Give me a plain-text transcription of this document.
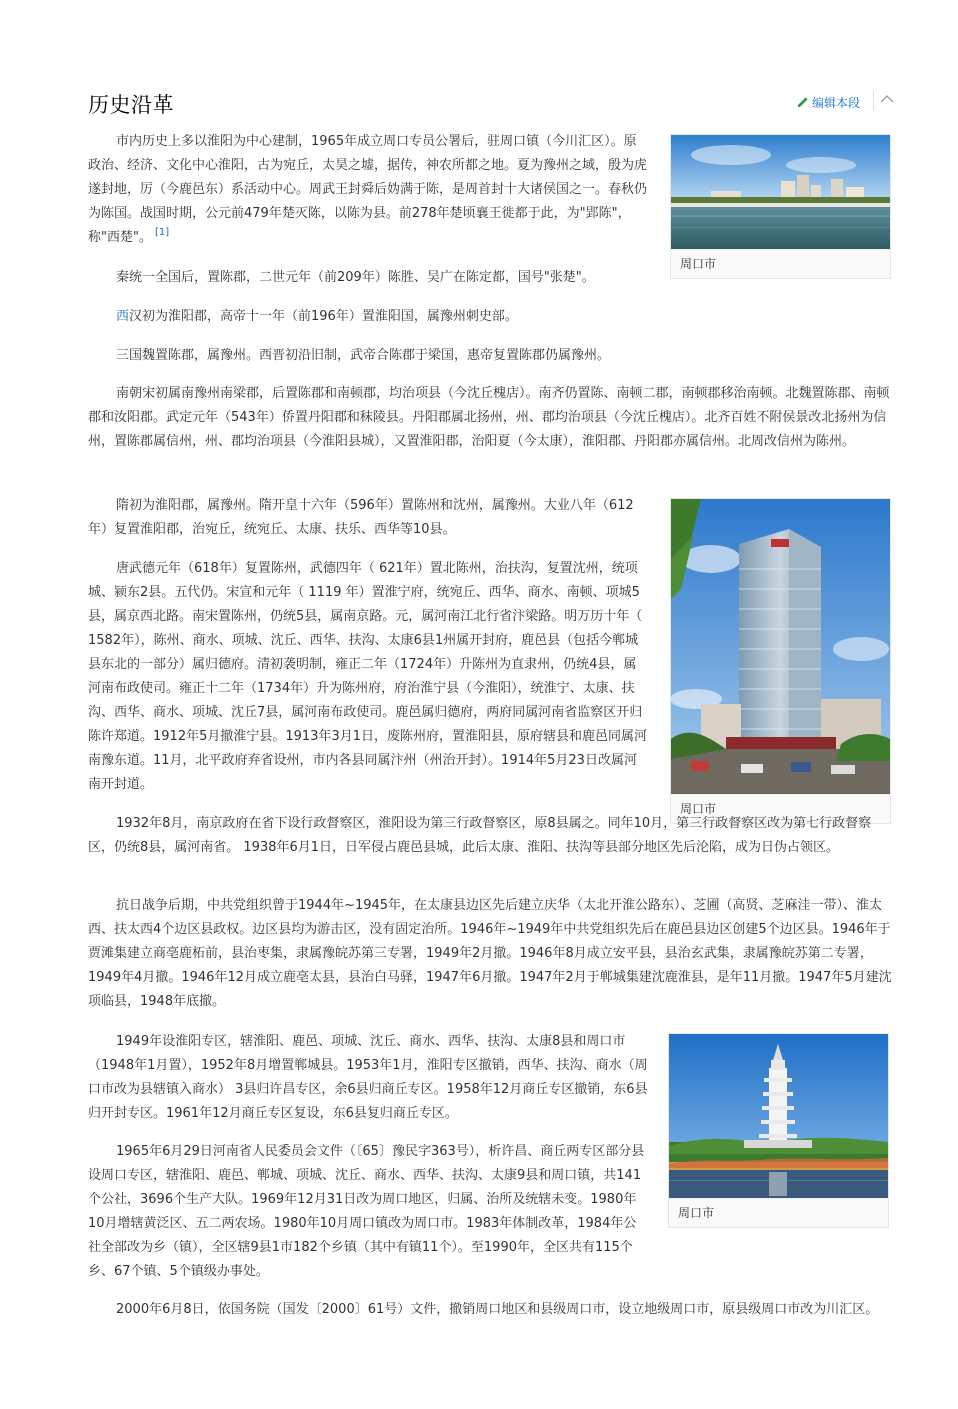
历史沿革	编辑本段
周口市
周口市
周口市

市内历史上多以淮阳为中心建制，1965年成立周口专员公署后，驻周口镇（今川汇区）。原政治、经济、文化中心淮阳，古为宛丘，太昊之墟，据传，神农所都之地。夏为豫州之域，殷为虎遂封地，厉（今鹿邑东）系活动中心。周武王封舜后妫满于陈，是周首封十大诸侯国之一。春秋仍为陈国。战国时期，公元前479年楚灭陈，以陈为县。前278年楚顷襄王徙都于此，为"郢陈"，称"西楚"。 [1]

秦统一全国后，置陈郡，二世元年（前209年）陈胜、吴广在陈定都，国号"张楚"。

西汉初为淮阳郡，高帝十一年（前196年）置淮阳国，属豫州刺史部。

三国魏置陈郡，属豫州。西晋初沿旧制，武帝合陈郡于梁国，惠帝复置陈郡仍属豫州。

南朝宋初属南豫州南梁郡，后置陈郡和南顿郡，均治项县（今沈丘槐店）。南齐仍置陈、南顿二郡，南顿郡移治南顿。北魏置陈郡、南顿郡和汝阳郡。武定元年（543年）侨置丹阳郡和秣陵县。丹阳郡属北扬州，州、郡均治项县（今沈丘槐店）。北齐百姓不附侯景改北扬州为信州，置陈郡属信州，州、郡均治项县（今淮阳县城），又置淮阳郡，治阳夏（今太康），淮阳郡、丹阳郡亦属信州。北周改信州为陈州。

隋初为淮阳郡，属豫州。隋开皇十六年（596年）置陈州和沈州，属豫州。大业八年（612年）复置淮阳郡，治宛丘，统宛丘、太康、扶乐、西华等10县。

唐武德元年（618年）复置陈州，武德四年（ 621年）置北陈州，治扶沟，复置沈州，统项城、颍东2县。五代仍。宋宣和元年（ 1119 年）置淮宁府，统宛丘、西华、商水、南顿、项城5县，属京西北路。南宋置陈州，仍统5县，属南京路。元，属河南江北行省汴梁路。明万历十年（ 1582年），陈州、商水、项城、沈丘、西华、扶沟、太康6县1州属开封府，鹿邑县（包括今郸城县东北的一部分）属归德府。清初袭明制，雍正二年（1724年）升陈州为直隶州，仍统4县，属河南布政使司。雍正十二年（1734年）升为陈州府，府治淮宁县（今淮阳），统淮宁、太康、扶沟、西华、商水、项城、沈丘7县，属河南布政使司。鹿邑属归德府，两府同属河南省监察区开归陈许郑道。1912年5月撤淮宁县。1913年3月1日，废陈州府，置淮阳县，原府辖县和鹿邑同属河南豫东道。11月，北平政府弃省设州，市内各县同属汴州（州治开封）。1914年5月23日改属河南开封道。

1932年8月，南京政府在省下设行政督察区，淮阳设为第三行政督察区，原8县属之。同年10月，第三行政督察区改为第七行政督察区，仍统8县，属河南省。 1938年6月1日，日军侵占鹿邑县城，此后太康、淮阳、扶沟等县部分地区先后沦陷，成为日伪占领区。

抗日战争后期，中共党组织曾于1944年~1945年，在太康县边区先后建立庆华（太北开淮公路东）、芝圃（高贤、芝麻洼一带）、淮太西、扶太西4个边区县政权。边区县均为游击区，没有固定治所。1946年~1949年中共党组织先后在鹿邑县边区创建5个边区县。1946年于贾滩集建立商亳鹿柘前，县治枣集，隶属豫皖苏第三专署，1949年2月撤。1946年8月成立安平县，县治玄武集，隶属豫皖苏第二专署，1949年4月撤。1946年12月成立鹿亳太县，县治白马驿，1947年6月撤。1947年2月于郸城集建沈鹿淮县，是年11月撤。1947年5月建沈项临县，1948年底撤。

1949年设淮阳专区，辖淮阳、鹿邑、项城、沈丘、商水、西华、扶沟、太康8县和周口市（1948年1月置），1952年8月增置郸城县。1953年1月，淮阳专区撤销，西华、扶沟、商水（周口市改为县辖镇入商水） 3县归许昌专区，余6县归商丘专区。1958年12月商丘专区撤销，东6县归开封专区。1961年12月商丘专区复设，东6县复归商丘专区。

1965年6月29日河南省人民委员会文件（〔65〕豫民字363号），析许昌、商丘两专区部分县设周口专区，辖淮阳、鹿邑、郸城、项城、沈丘、商水、西华、扶沟、太康9县和周口镇，共141个公社，3696个生产大队。1969年12月31日改为周口地区，归属、治所及统辖未变。1980年10月增辖黄泛区、五二两农场。1980年10月周口镇改为周口市。1983年体制改革，1984年公社全部改为乡（镇），全区辖9县1市182个乡镇（其中有镇11个）。至1990年，全区共有115个乡、67个镇、5个镇级办事处。

2000年6月8日，依国务院（国发〔2000〕61号）文件，撤销周口地区和县级周口市，设立地级周口市，原县级周口市改为川汇区。
